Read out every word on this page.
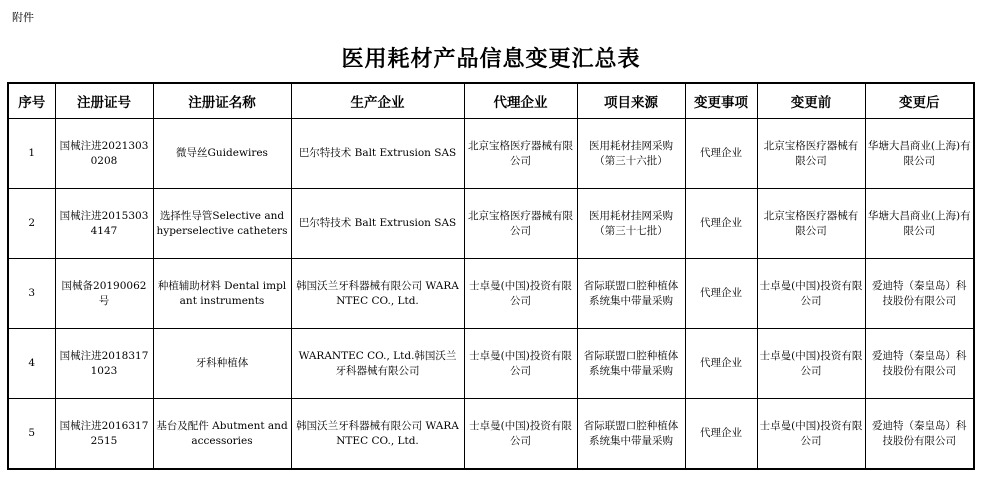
附件
医用耗材产品信息变更汇总表
序号	注册证号	注册证名称	生产企业	代理企业	项目来源	变更事项	变更前	变更后
1	国械注进20213030208	微导丝Guidewires	巴尔特技术 Balt Extrusion SAS	北京宝格医疗器械有限公司	医用耗材挂网采购（第三十六批）	代理企业	北京宝格医疗器械有限公司	华塘大昌商业(上海)有限公司
2	国械注进20153034147	选择性导管Selective and hyperselective catheters	巴尔特技术 Balt Extrusion SAS	北京宝格医疗器械有限公司	医用耗材挂网采购（第三十七批）	代理企业	北京宝格医疗器械有限公司	华塘大昌商业(上海)有限公司
3	国械备20190062号	种植辅助材料 Dental implant instruments	韩国沃兰牙科器械有限公司 WARANTEC CO., Ltd.	士卓曼(中国)投资有限公司	省际联盟口腔种植体系统集中带量采购	代理企业	士卓曼(中国)投资有限公司	爱迪特（秦皇岛）科技股份有限公司
4	国械注进20183171023	牙科种植体	WARANTEC CO., Ltd.韩国沃兰牙科器械有限公司	士卓曼(中国)投资有限公司	省际联盟口腔种植体系统集中带量采购	代理企业	士卓曼(中国)投资有限公司	爱迪特（秦皇岛）科技股份有限公司
5	国械注进20163172515	基台及配件 Abutment and accessories	韩国沃兰牙科器械有限公司 WARANTEC CO., Ltd.	士卓曼(中国)投资有限公司	省际联盟口腔种植体系统集中带量采购	代理企业	士卓曼(中国)投资有限公司	爱迪特（秦皇岛）科技股份有限公司
